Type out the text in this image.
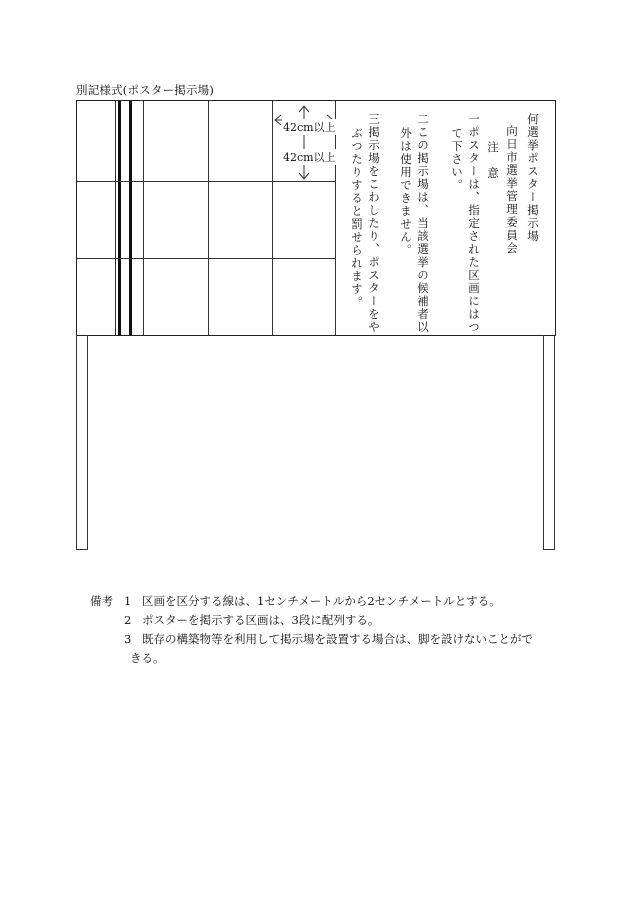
別記様式(ポスター掲示場)
42cm以上
42cm以上	何選挙ポスター掲示場
向日市選挙管理委員会
注　意
一ポスターは、指定された区画にはつ
て下さい。
二この掲示場は、当該選挙の候補者以
外は使用できません。
三掲示場をこわしたり、ポスターをや
ぶつたりすると罰せられます。
備考 1 区画を区分する線は、1センチメートルから2センチメートルとする。
2 ポスターを掲示する区画は、3段に配列する。
3 既存の構築物等を利用して掲示場を設置する場合は、脚を設けないことがで
きる。
